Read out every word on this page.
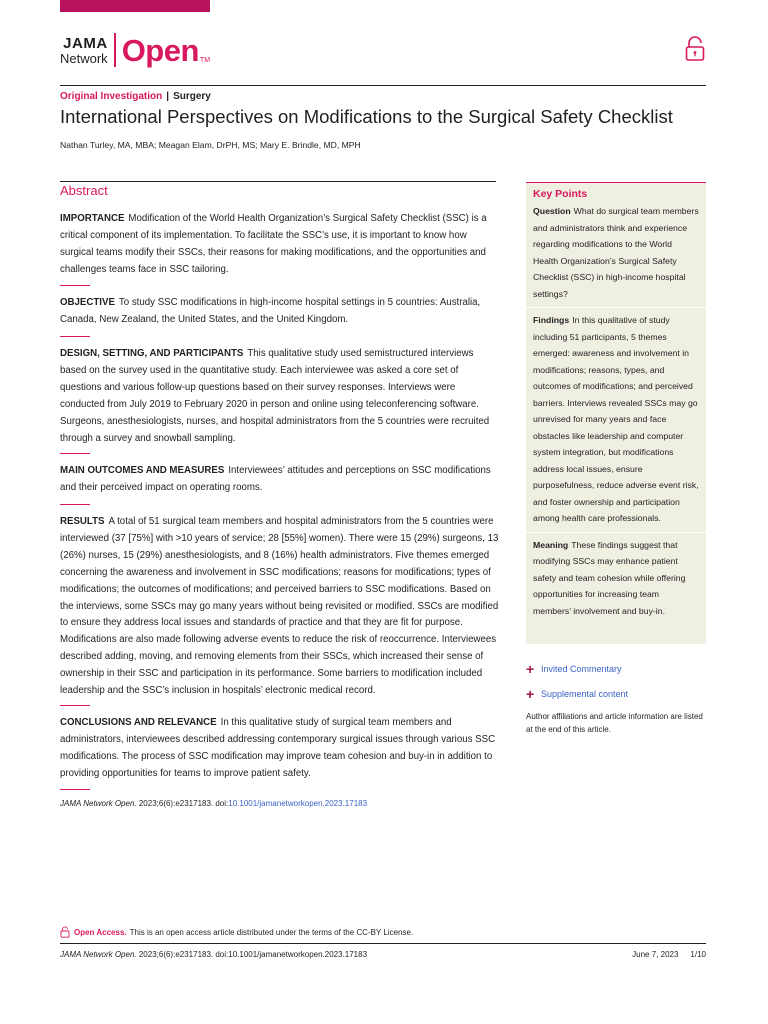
JAMA
Network Open TM
Original Investigation | Surgery
International Perspectives on Modifications to the Surgical Safety Checklist
Nathan Turley, MA, MBA; Meagan Elam, DrPH, MS; Mary E. Brindle, MD, MPH
Abstract
IMPORTANCE Modification of the World Health Organization’s Surgical Safety Checklist (SSC) is a critical component of its implementation. To facilitate the SSC’s use, it is important to know how surgical teams modify their SSCs, their reasons for making modifications, and the opportunities and challenges teams face in SSC tailoring.
OBJECTIVE To study SSC modifications in high-income hospital settings in 5 countries: Australia, Canada, New Zealand, the United States, and the United Kingdom.
DESIGN, SETTING, AND PARTICIPANTS This qualitative study used semistructured interviews based on the survey used in the quantitative study. Each interviewee was asked a core set of questions and various follow-up questions based on their survey responses. Interviews were conducted from July 2019 to February 2020 in person and online using teleconferencing software. Surgeons, anesthesiologists, nurses, and hospital administrators from the 5 countries were recruited through a survey and snowball sampling.
MAIN OUTCOMES AND MEASURES Interviewees’ attitudes and perceptions on SSC modifications and their perceived impact on operating rooms.
RESULTS A total of 51 surgical team members and hospital administrators from the 5 countries were interviewed (37 [75%] with >10 years of service; 28 [55%] women). There were 15 (29%) surgeons, 13 (26%) nurses, 15 (29%) anesthesiologists, and 8 (16%) health administrators. Five themes emerged concerning the awareness and involvement in SSC modifications; reasons for modifications; types of modifications; the outcomes of modifications; and perceived barriers to SSC modifications. Based on the interviews, some SSCs may go many years without being revisited or modified. SSCs are modified to ensure they address local issues and standards of practice and that they are fit for purpose. Modifications are also made following adverse events to reduce the risk of reoccurrence. Interviewees described adding, moving, and removing elements from their SSCs, which increased their sense of ownership in their SSC and participation in its performance. Some barriers to modification included leadership and the SSC’s inclusion in hospitals’ electronic medical record.
CONCLUSIONS AND RELEVANCE In this qualitative study of surgical team members and administrators, interviewees described addressing contemporary surgical issues through various SSC modifications. The process of SSC modification may improve team cohesion and buy-in in addition to providing opportunities for teams to improve patient safety.
JAMA Network Open. 2023;6(6):e2317183. doi:10.1001/jamanetworkopen.2023.17183
Key Points
Question What do surgical team members and administrators think and experience regarding modifications to the World Health Organization’s Surgical Safety Checklist (SSC) in high-income hospital settings?
Findings In this qualitative of study including 51 participants, 5 themes emerged: awareness and involvement in modifications; reasons, types, and outcomes of modifications; and perceived barriers. Interviews revealed SSCs may go unrevised for many years and face obstacles like leadership and computer system integration, but modifications address local issues, ensure purposefulness, reduce adverse event risk, and foster ownership and participation among health care professionals.
Meaning These findings suggest that modifying SSCs may enhance patient safety and team cohesion while offering opportunities for increasing team members’ involvement and buy-in.
+ Invited Commentary
+ Supplemental content
Author affiliations and article information are listed at the end of this article.
Open Access. This is an open access article distributed under the terms of the CC-BY License.
JAMA Network Open. 2023;6(6):e2317183. doi:10.1001/jamanetworkopen.2023.17183	June 7, 2023 1/10
